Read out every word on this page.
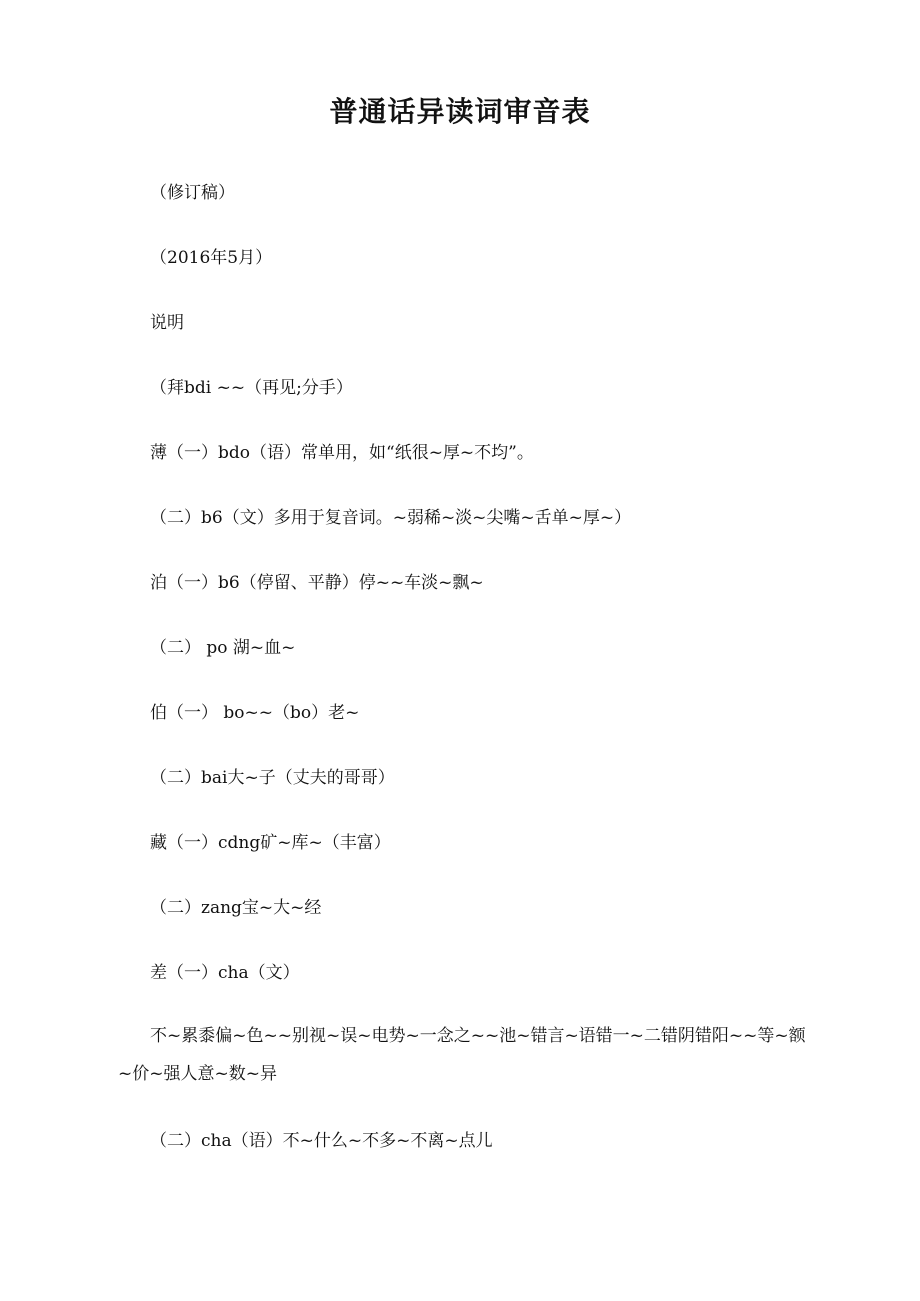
普通话异读词审音表
（修订稿）
（2016年5月）
说明
（拜bdi ~~（再见;分手）
薄（一）bdo（语）常单用，如“纸很~厚~不均”。
（二）b6（文）多用于复音词。~弱稀~淡~尖嘴~舌单~厚~）
泊（一）b6（停留、平静）停~~车淡~飘~
（二） po 湖~血~
伯（一） bo~~（bo）老~
（二）bai大~子（丈夫的哥哥）
藏（一）cdng矿~库~（丰富）
（二）zang宝~大~经
差（一）cha（文）
不~累黍偏~色~~别视~误~电势~一念之~~池~错言~语错一~二错阴错阳~~等~额~价~强人意~数~异
（二）cha（语）不~什么~不多~不离~点儿
